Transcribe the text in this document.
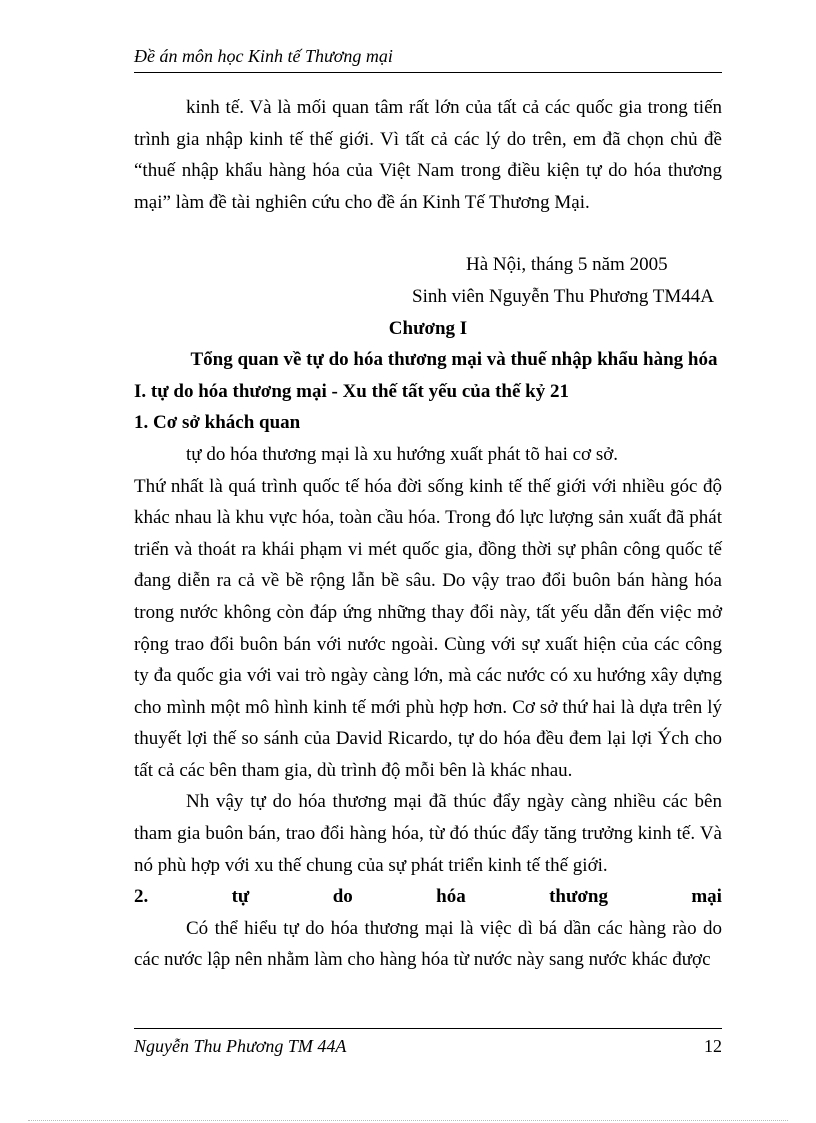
Đề án môn học Kinh tế Thương mại

kinh tế. Và là mối quan tâm rất lớn của tất cả các quốc gia trong tiến trình gia nhập kinh tế thế giới. Vì tất cả các lý do trên, em đã chọn chủ đề “thuế nhập khẩu hàng hóa của Việt Nam trong điều kiện tự do hóa thương mại” làm đề tài nghiên cứu cho đề án Kinh Tế Thương Mại.

Hà Nội, tháng 5 năm 2005

Sinh viên Nguyễn Thu Phương TM44A

Chương I

Tổng quan về tự do hóa thương mại và thuế nhập khẩu hàng hóa

I. tự do hóa thương mại - Xu thế tất yếu của thế kỷ 21

1. Cơ sở khách quan

tự do hóa thương mại là xu hướng xuất phát tõ hai cơ sở.

Thứ nhất là quá trình quốc tế hóa đời sống kinh tế thế giới với nhiều góc độ khác nhau là khu vực hóa, toàn cầu hóa. Trong đó lực lượng sản xuất đã phát triển và thoát ra khái phạm vi mét quốc gia, đồng thời sự phân công quốc tế đang diễn ra cả về bề rộng lẫn bề sâu. Do vậy trao đổi buôn bán hàng hóa trong nước không còn đáp ứng những thay đổi này, tất yếu dẫn đến việc mở rộng trao đổi buôn bán với nước ngoài. Cùng với sự xuất hiện của các công ty đa quốc gia với vai trò ngày càng lớn, mà các nước có xu hướng xây dựng cho mình một mô hình kinh tế mới phù hợp hơn. Cơ sở thứ hai là dựa trên lý thuyết lợi thế so sánh của David Ricardo, tự do hóa đều đem lại lợi Ých cho tất cả các bên tham gia, dù trình độ mỗi bên là khác nhau.

Nh vậy tự do hóa thương mại đã thúc đẩy ngày càng nhiều các bên tham gia buôn bán, trao đổi hàng hóa, từ đó thúc đẩy tăng trưởng kinh tế. Và nó phù hợp với xu thế chung của sự phát triển kinh tế thế giới.

2.	tự	do	hóa	thương	mại

Có thể hiểu tự do hóa thương mại là việc dì bá dần các hàng rào do các nước lập nên nhằm làm cho hàng hóa từ nước này sang nước khác được

Nguyễn Thu Phương TM 44A	12
